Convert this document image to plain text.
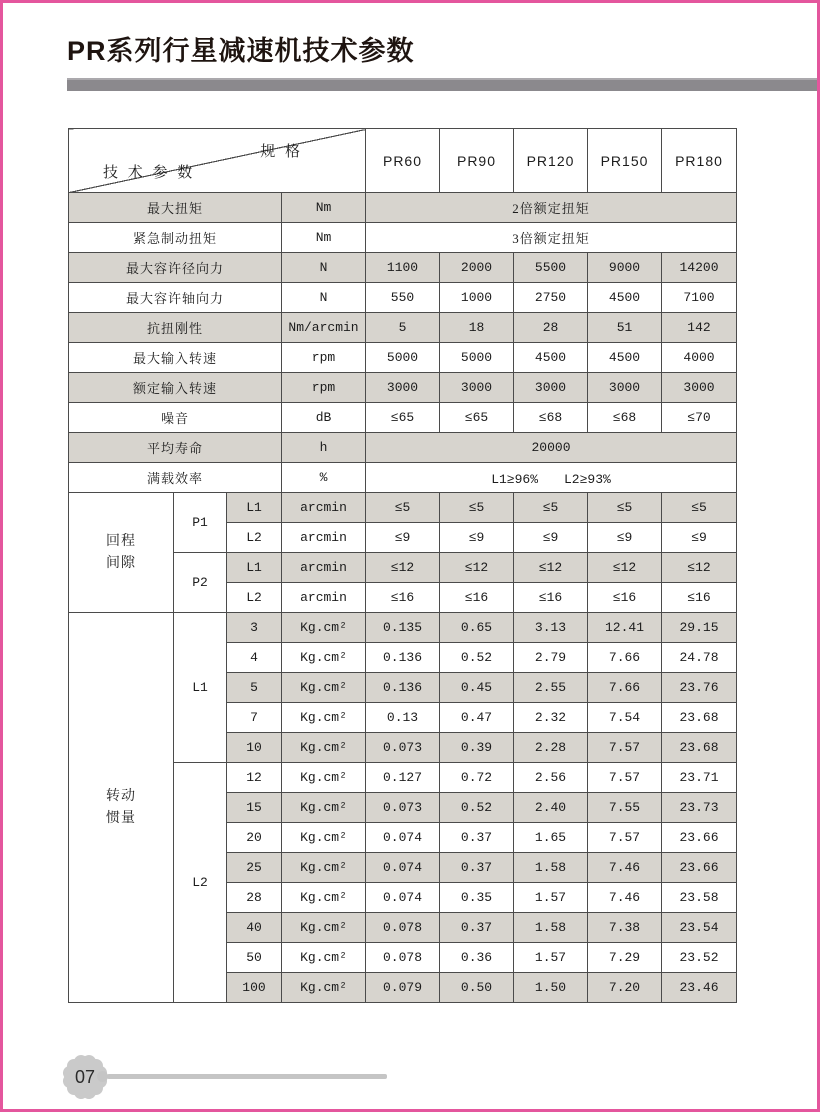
PR系列行星减速机技术参数
规 格
技 术 参 数				PR60	PR90	PR120	PR150	PR180
最大扭矩			Nm	2倍额定扭矩				
紧急制动扭矩			Nm	3倍额定扭矩				
最大容许径向力			N	1100	2000	5500	9000	14200
最大容许轴向力			N	550	1000	2750	4500	7100
抗扭刚性			Nm/arcmin	5	18	28	51	142
最大输入转速			rpm	5000	5000	4500	4500	4000
额定输入转速			rpm	3000	3000	3000	3000	3000
噪音			dB	≤65	≤65	≤68	≤68	≤70
平均寿命			h	20000				
满载效率			%	L1≥96%　　L2≥93%				
回程
间隙	P1	L1	arcmin	≤5	≤5	≤5	≤5	≤5
		L2	arcmin	≤9	≤9	≤9	≤9	≤9
	P2	L1	arcmin	≤12	≤12	≤12	≤12	≤12
		L2	arcmin	≤16	≤16	≤16	≤16	≤16
转动
惯量	L1	3	Kg.cm²	0.135	0.65	3.13	12.41	29.15
		4	Kg.cm²	0.136	0.52	2.79	7.66	24.78
		5	Kg.cm²	0.136	0.45	2.55	7.66	23.76
		7	Kg.cm²	0.13	0.47	2.32	7.54	23.68
		10	Kg.cm²	0.073	0.39	2.28	7.57	23.68
	L2	12	Kg.cm²	0.127	0.72	2.56	7.57	23.71
		15	Kg.cm²	0.073	0.52	2.40	7.55	23.73
		20	Kg.cm²	0.074	0.37	1.65	7.57	23.66
		25	Kg.cm²	0.074	0.37	1.58	7.46	23.66
		28	Kg.cm²	0.074	0.35	1.57	7.46	23.58
		40	Kg.cm²	0.078	0.37	1.58	7.38	23.54
		50	Kg.cm²	0.078	0.36	1.57	7.29	23.52
		100	Kg.cm²	0.079	0.50	1.50	7.20	23.46
07
